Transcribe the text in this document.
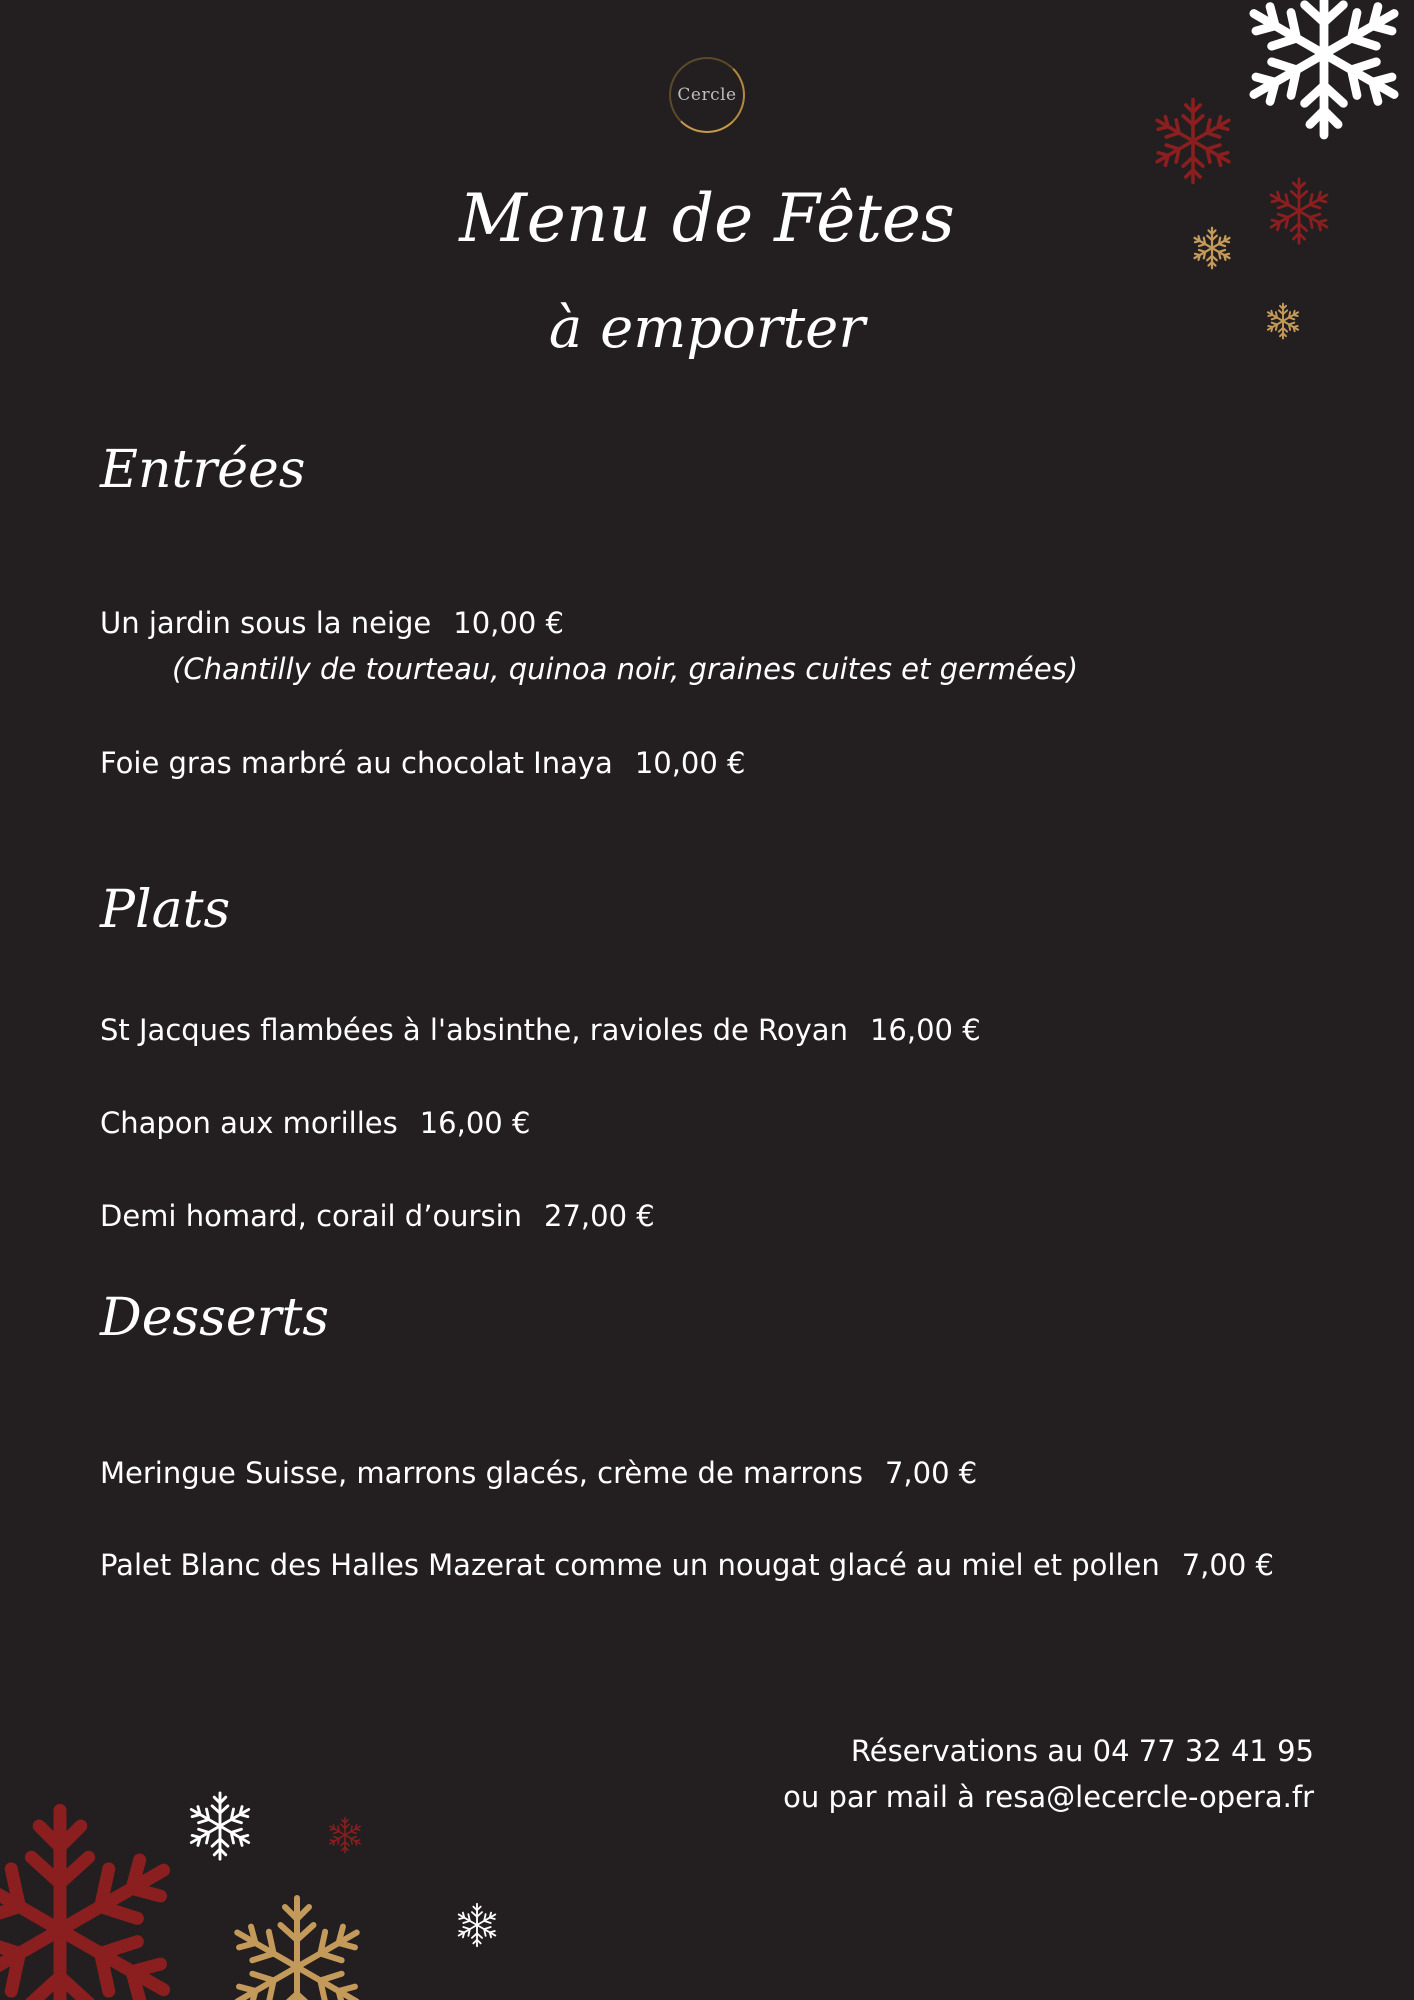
Cercle
Menu de Fêtes
à emporter
Entrées
Un jardin sous la neige 10,00 €
(Chantilly de tourteau, quinoa noir, graines cuites et germées)
Foie gras marbré au chocolat Inaya 10,00 €
Plats
St Jacques flambées à l'absinthe, ravioles de Royan 16,00 €
Chapon aux morilles 16,00 €
Demi homard, corail d’oursin 27,00 €
Desserts
Meringue Suisse, marrons glacés, crème de marrons 7,00 €
Palet Blanc des Halles Mazerat comme un nougat glacé au miel et pollen 7,00 €
Réservations au 04 77 32 41 95
ou par mail à resa@lecercle-opera.fr
